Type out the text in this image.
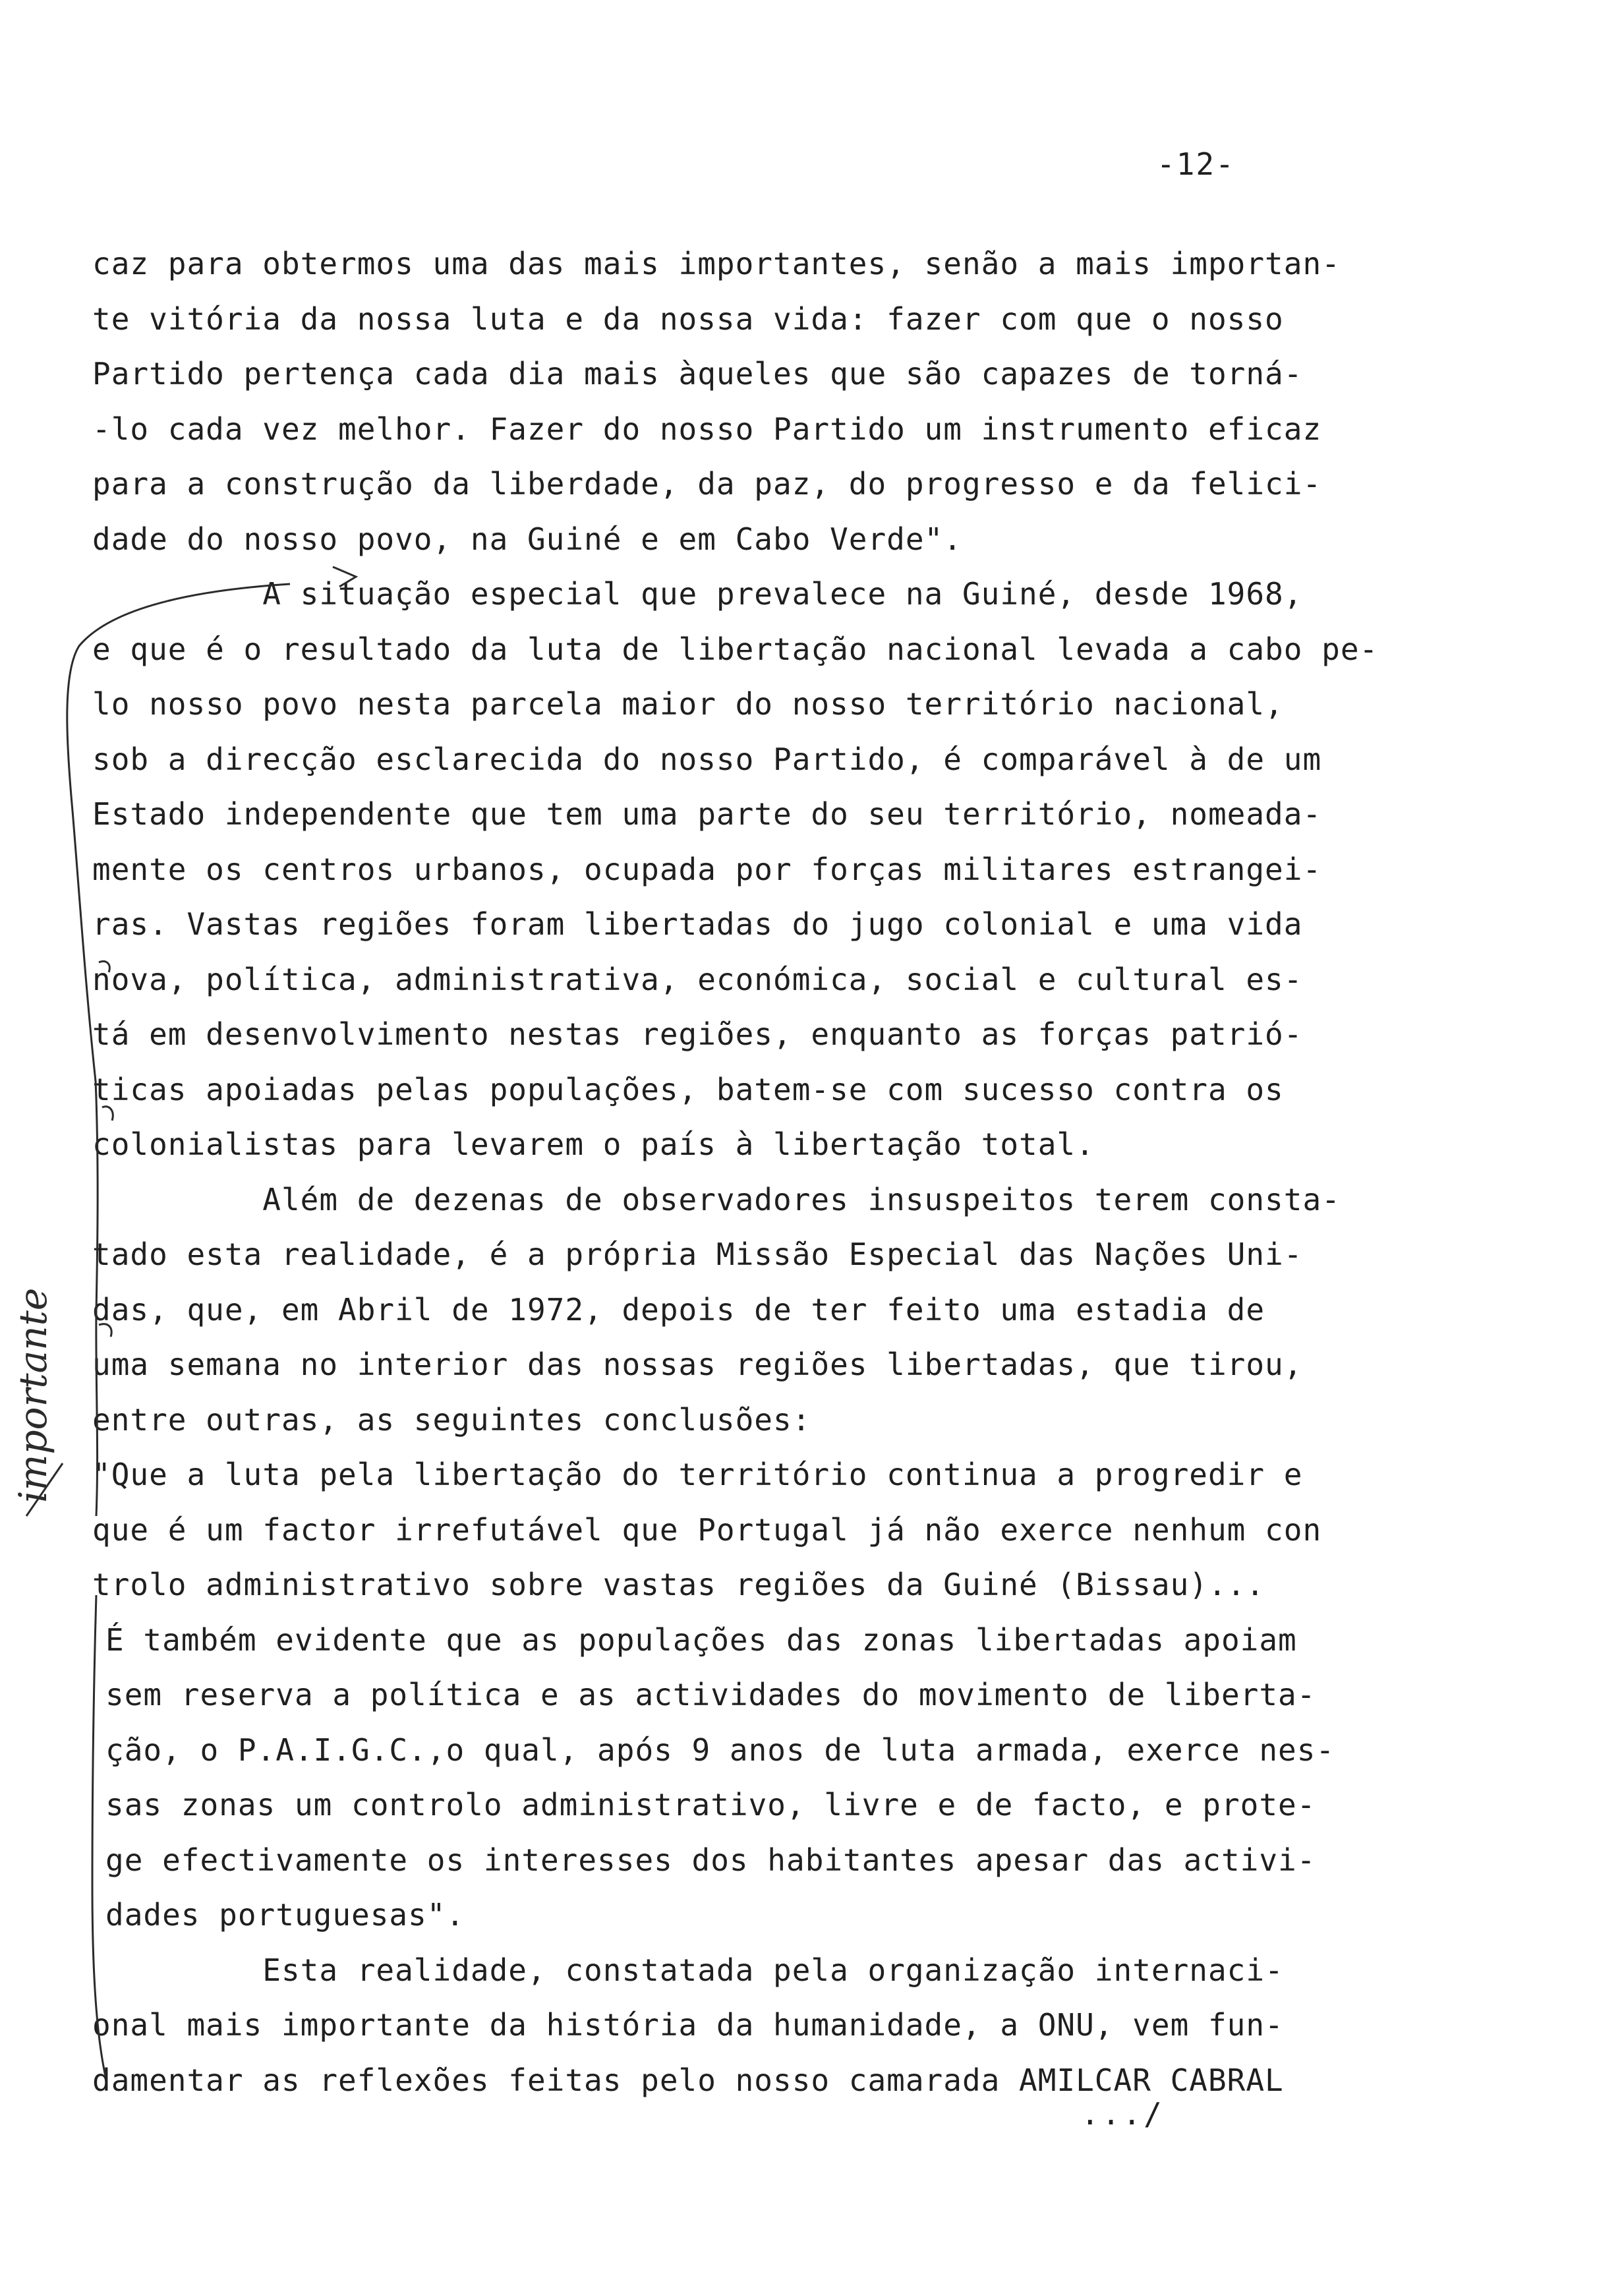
-12-
caz para obtermos uma das mais importantes, senão a mais importan-
te vitória da nossa luta e da nossa vida: fazer com que o nosso
Partido pertença cada dia mais àqueles que são capazes de torná-
-lo cada vez melhor. Fazer do nosso Partido um instrumento eficaz
para a construção da liberdade, da paz, do progresso e da felici-
dade do nosso povo, na Guiné e em Cabo Verde".
A situação especial que prevalece na Guiné, desde 1968,
e que é o resultado da luta de libertação nacional levada a cabo pe-
lo nosso povo nesta parcela maior do nosso território nacional,
sob a direcção esclarecida do nosso Partido, é comparável à de um
Estado independente que tem uma parte do seu território, nomeada-
mente os centros urbanos, ocupada por forças militares estrangei-
ras. Vastas regiões foram libertadas do jugo colonial e uma vida
nova, política, administrativa, económica, social e cultural es-
tá em desenvolvimento nestas regiões, enquanto as forças patrió-
ticas apoiadas pelas populações, batem-se com sucesso contra os
colonialistas para levarem o país à libertação total.
Além de dezenas de observadores insuspeitos terem consta-
tado esta realidade, é a própria Missão Especial das Nações Uni-
das, que, em Abril de 1972, depois de ter feito uma estadia de
uma semana no interior das nossas regiões libertadas, que tirou,
entre outras, as seguintes conclusões:
"Que a luta pela libertação do território continua a progredir e
que é um factor irrefutável que Portugal já não exerce nenhum con
trolo administrativo sobre vastas regiões da Guiné (Bissau)...
É também evidente que as populações das zonas libertadas apoiam
sem reserva a política e as actividades do movimento de liberta-
ção, o P.A.I.G.C.,o qual, após 9 anos de luta armada, exerce nes-
sas zonas um controlo administrativo, livre e de facto, e prote-
ge efectivamente os interesses dos habitantes apesar das activi-
dades portuguesas".
Esta realidade, constatada pela organização internaci-
onal mais importante da história da humanidade, a ONU, vem fun-
damentar as reflexões feitas pelo nosso camarada AMILCAR CABRAL
.../
importante
